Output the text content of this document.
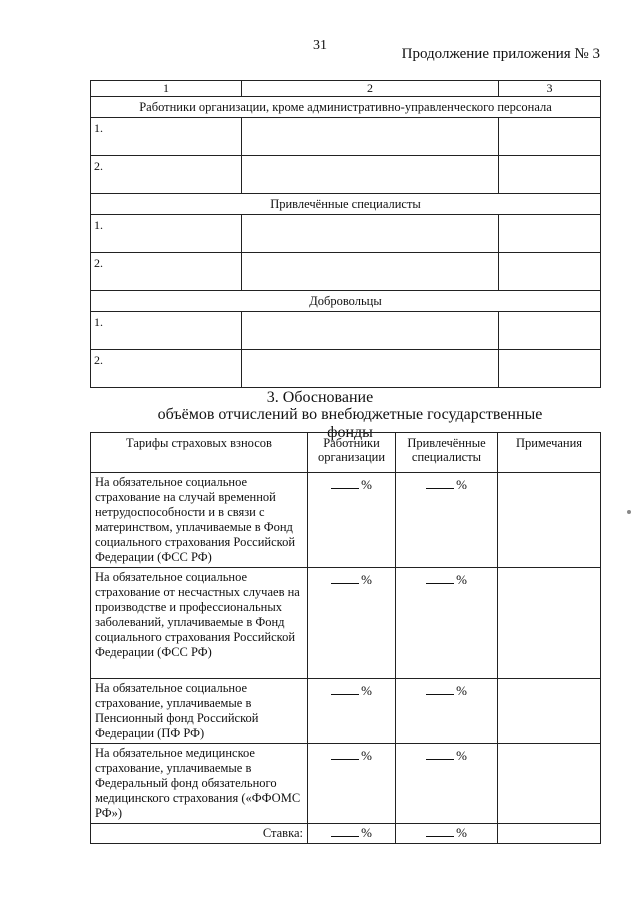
31
Продолжение приложения № 3
1	2	3
Работники организации, кроме административно-управленческого персонала		
1.		
2.		
Привлечённые специалисты		
1.		
2.		
Добровольцы		
1.		
2.		
3. Обоснование
объёмов отчислений во внебюджетные государственные фонды
Тарифы страховых взносов	Работники организации	Привлечённые специалисты	Примечания
На обязательное социальное страхование на случай временной нетрудоспособности и в связи с материнством, уплачиваемые в Фонд социального страхования Российской Федерации (ФСС РФ)	%	%	
На обязательное социальное страхование от несчастных случаев на производстве и профессиональных заболеваний, уплачиваемые в Фонд социального страхования Российской Федерации (ФСС РФ)	%	%	
На обязательное социальное страхование, уплачиваемые в Пенсионный фонд Российской Федерации (ПФ РФ)	%	%	
На обязательное медицинское страхование, уплачиваемые в Федеральный фонд обязательного медицинского страхования («ФФОМС РФ»)	%	%	
Ставка:	%	%	
